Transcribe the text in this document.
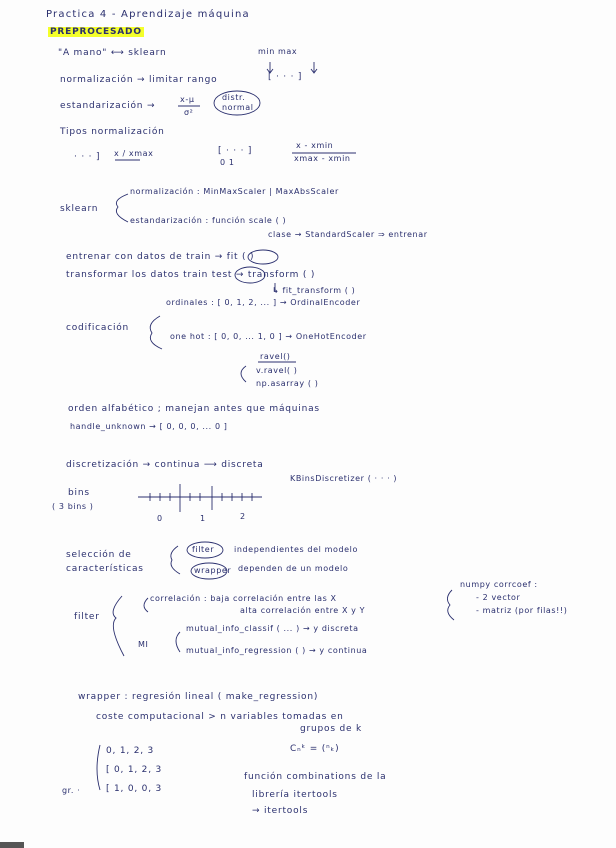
Practica 4 - Aprendizaje máquina
PREPROCESADO
"A mano" ⟷ sklearn	min max
normalización → limitar rango	[ · · · ]
estandarización →
x-μ
σ²
distr. normal
Tipos normalización
· · · ] x / xmax	[ · · · ]
0 1
x - xmin
xmax - xmin
sklearn
normalización : MinMaxScaler | MaxAbsScaler
estandarización : función scale ( )
clase → StandardScaler ⇒ entrenar
entrenar con datos de train → fit ( )
transformar los datos train test → transform ( )
↳ fit_transform ( )
codificación
ordinales : [ 0, 1, 2, ... ] → OrdinalEncoder
one hot : [ 0, 0, ... 1, 0 ] → OneHotEncoder
ravel()
v.ravel( )
np.asarray ( )
orden alfabético ; manejan antes que máquinas
handle_unknown → [ 0, 0, 0, ... 0 ]
discretización → continua ⟶ discreta
bins
( 3 bins )
KBinsDiscretizer ( · · · )
0	1	2
selección de
características
filter independientes del modelo
wrapper dependen de un modelo
filter
correlación : baja correlación entre las X
alta correlación entre X y Y
numpy corrcoef :
- 2 vector
- matriz (por filas!!)
MI
mutual_info_classif ( ... ) → y discreta
mutual_info_regression ( ) → y continua
wrapper : regresión lineal ( make_regression)
coste computacional > n variables tomadas en
grupos de k
Cₙᵏ = (ⁿₖ)
0, 1, 2, 3
[ 0, 1, 2, 3
[ 1, 0, 0, 3
gr. ·
función combinations de la
librería itertools
→ itertools
